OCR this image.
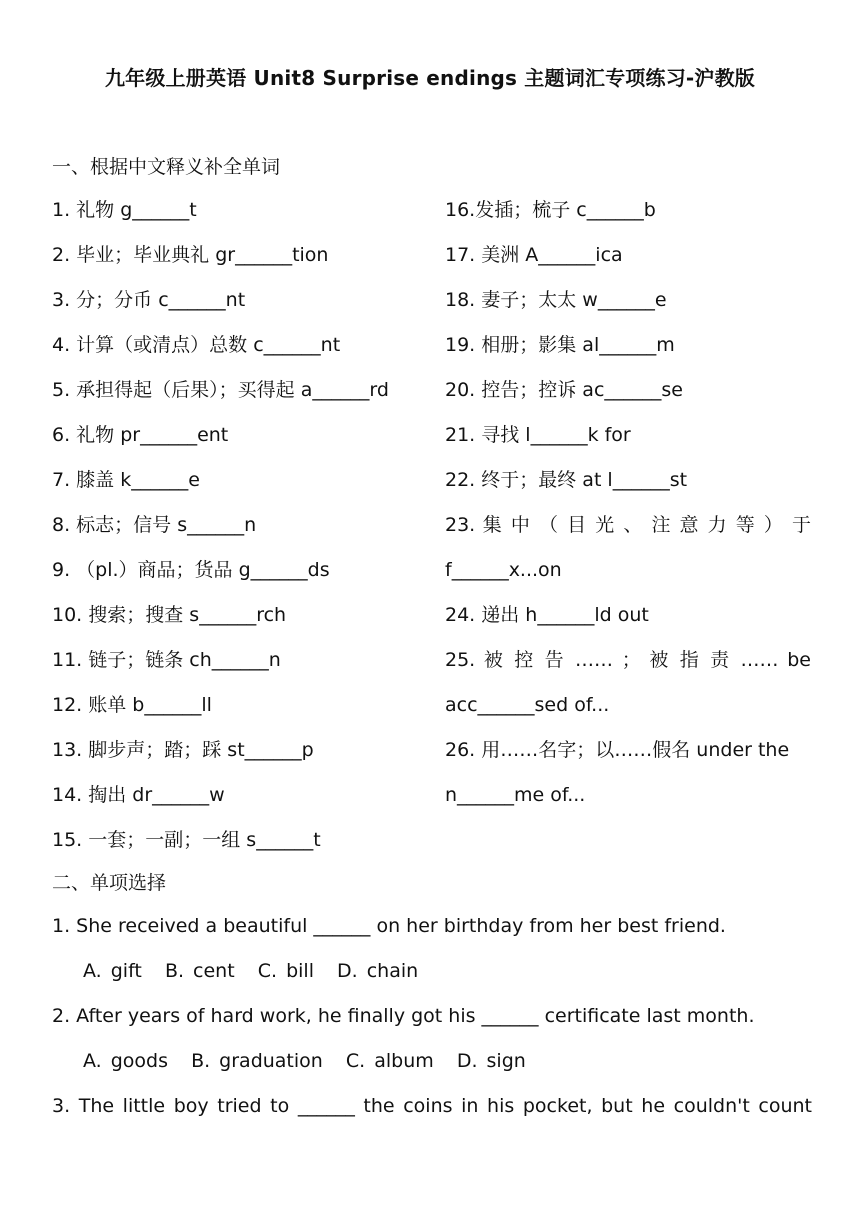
九年级上册英语 Unit8 Surprise endings 主题词汇专项练习-沪教版
一、根据中文释义补全单词
1. 礼物 g______t
2. 毕业；毕业典礼 gr______tion
3. 分；分币 c______nt
4. 计算（或清点）总数 c______nt
5. 承担得起（后果）；买得起 a______rd
6. 礼物 pr______ent
7. 膝盖 k______e
8. 标志；信号 s______n
9. （pl.）商品；货品 g______ds
10. 搜索；搜查 s______rch
11. 链子；链条 ch______n
12. 账单 b______ll
13. 脚步声；踏；踩 st______p
14. 掏出 dr______w
15. 一套；一副；一组 s______t
16.发插；梳子 c______b
17. 美洲 A______ica
18. 妻子；太太 w______e
19. 相册；影集 al______m
20. 控告；控诉 ac______se
21. 寻找 l______k for
22. 终于；最终 at l______st
23. 集 中 （ 目 光 、 注 意 力 等 ） 于
f______x...on
24. 递出 h______ld out
25. 被 控 告 …… ； 被 指 责 …… be
acc______sed of...
26. 用……名字；以……假名 under the
n______me of...
二、单项选择
1. She received a beautiful ______ on her birthday from her best friend.
A. gift B. cent C. bill D. chain
2. After years of hard work, he finally got his ______ certificate last month.
A. goods B. graduation C. album D. sign
3. The little boy tried to ______ the coins in his pocket, but he couldn't count
